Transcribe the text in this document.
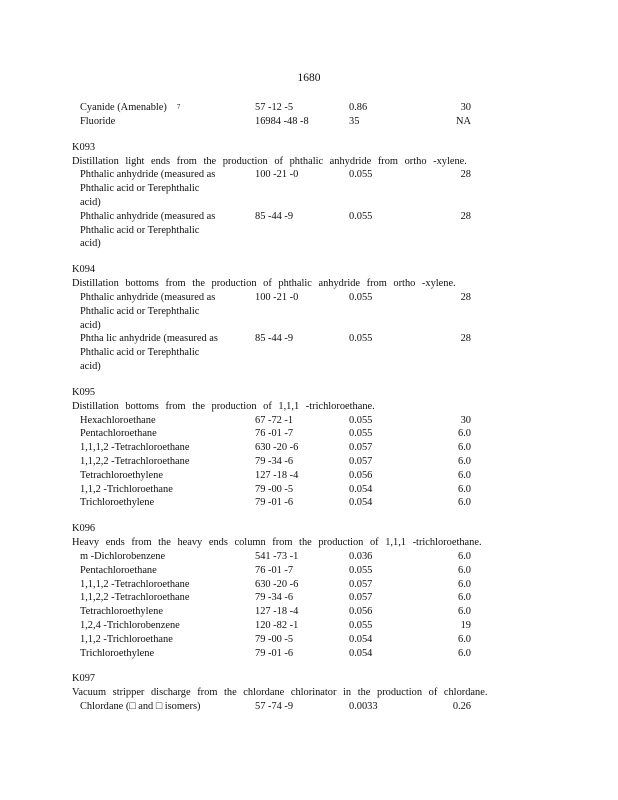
1680
Cyanide (Amenable) $^7$	57 -12 -5	0.86	30
Fluoride	16984 -48 -8	35	NA
K093
Distillation light ends from the production of phthalic anhydride from ortho -xylene.
Phthalic anhydride (measured as	100 -21 -0	0.055	28
Phthalic acid or Terephthalic
acid)
Phthalic anhydride (measured as	85 -44 -9	0.055	28
Phthalic acid or Terephthalic
acid)
K094
Distillation bottoms from the production of phthalic anhydride from ortho -xylene.
Phthalic anhydride (measured as	100 -21 -0	0.055	28
Phthalic acid or Terephthalic
acid)
Phtha lic anhydride (measured as	85 -44 -9	0.055	28
Phthalic acid or Terephthalic
acid)
K095
Distillation bottoms from the production of 1,1,1 -trichloroethane.
Hexachloroethane	67 -72 -1	0.055	30
Pentachloroethane	76 -01 -7	0.055	6.0
1,1,1,2 -Tetrachloroethane	630 -20 -6	0.057	6.0
1,1,2,2 -Tetrachloroethane	79 -34 -6	0.057	6.0
Tetrachloroethylene	127 -18 -4	0.056	6.0
1,1,2 -Trichloroethane	79 -00 -5	0.054	6.0
Trichloroethylene	79 -01 -6	0.054	6.0
K096
Heavy ends from the heavy ends column from the production of 1,1,1 -trichloroethane.
m -Dichlorobenzene	541 -73 -1	0.036	6.0
Pentachloroethane	76 -01 -7	0.055	6.0
1,1,1,2 -Tetrachloroethane	630 -20 -6	0.057	6.0
1,1,2,2 -Tetrachloroethane	79 -34 -6	0.057	6.0
Tetrachloroethylene	127 -18 -4	0.056	6.0
1,2,4 -Trichlorobenzene	120 -82 -1	0.055	19
1,1,2 -Trichloroethane	79 -00 -5	0.054	6.0
Trichloroethylene	79 -01 -6	0.054	6.0
K097
Vacuum stripper discharge from the chlordane chlorinator in the production of chlordane.
Chlordane (□ and □ isomers)	57 -74 -9	0.0033	0.26
